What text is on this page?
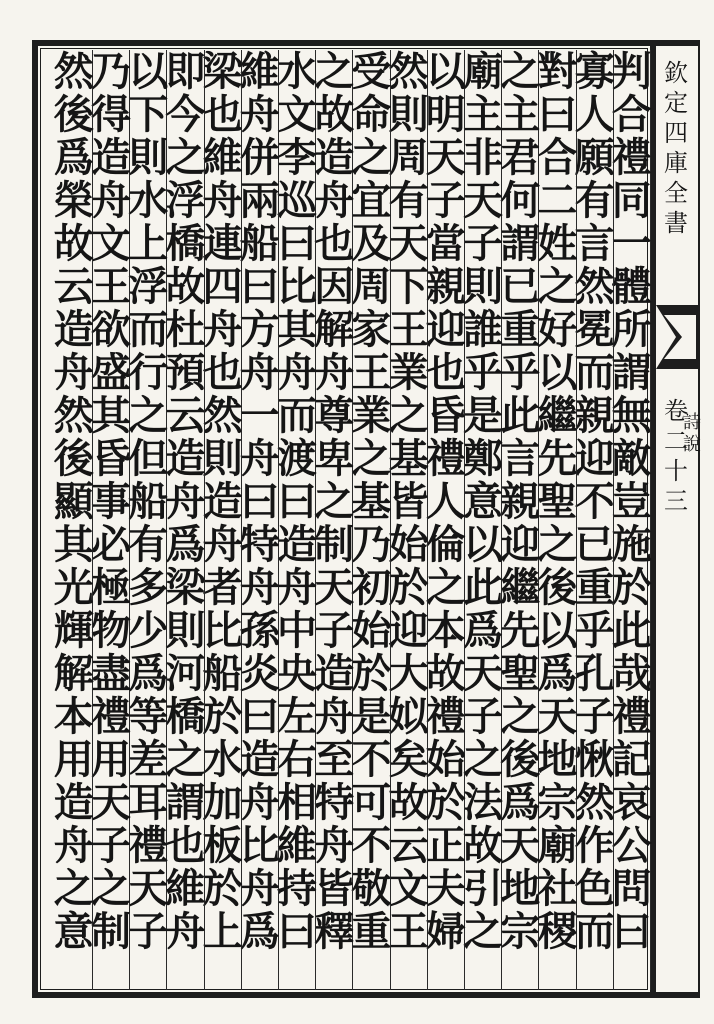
欽
定
四
庫
全
書
卷
二
十
三
詩
說
判
合
禮
同
一
體
所
謂
無
敵
豈
施
於
此
哉
禮
記
哀
公
問
曰
寡
人
願
有
言
然
冕
而
親
迎
不
已
重
乎
孔
子
愀
然
作
色
而
對
曰
合
二
姓
之
好
以
繼
先
聖
之
後
以
爲
天
地
宗
廟
社
稷
之
主
君
何
謂
已
重
乎
此
言
親
迎
繼
先
聖
之
後
爲
天
地
宗
廟
主
非
天
子
則
誰
乎
是
鄭
意
以
此
爲
天
子
之
法
故
引
之
以
明
天
子
當
親
迎
也
昏
禮
人
倫
之
本
故
禮
始
於
正
夫
婦
然
則
周
有
天
下
王
業
之
基
皆
始
於
迎
大
姒
矣
故
云
文
王
受
命
之
宜
及
周
家
王
業
之
基
乃
初
始
於
是
不
可
不
敬
重
之
故
造
舟
也
因
解
舟
尊
卑
之
制
天
子
造
舟
至
特
舟
皆
釋
水
文
李
巡
曰
比
其
舟
而
渡
曰
造
舟
中
央
左
右
相
維
持
曰
維
舟
併
兩
船
曰
方
舟
一
舟
曰
特
舟
孫
炎
曰
造
舟
比
舟
爲
梁
也
維
舟
連
四
舟
也
然
則
造
舟
者
比
船
於
水
加
板
於
上
即
今
之
浮
橋
故
杜
預
云
造
舟
爲
梁
則
河
橋
之
謂
也
維
舟
以
下
則
水
上
浮
而
行
之
但
船
有
多
少
爲
等
差
耳
禮
天
子
乃
得
造
舟
文
王
欲
盛
其
昏
事
必
極
物
盡
禮
用
天
子
之
制
然
後
爲
榮
故
云
造
舟
然
後
顯
其
光
輝
解
本
用
造
舟
之
意
